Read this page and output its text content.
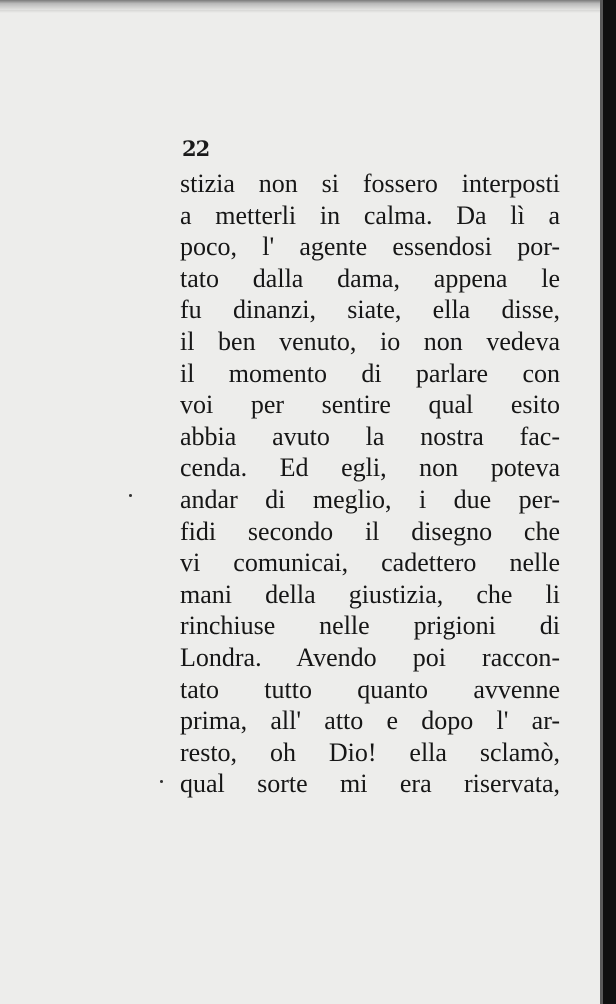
22
stizia non si fossero interposti
a metterli in calma. Da lì a
poco, l' agente essendosi por-
tato dalla dama, appena le
fu dinanzi, siate, ella disse,
il ben venuto, io non vedeva
il momento di parlare con
voi per sentire qual esito
abbia avuto la nostra fac-
cenda. Ed egli, non poteva
andar di meglio, i due per-
fidi secondo il disegno che
vi comunicai, cadettero nelle
mani della giustizia, che li
rinchiuse nelle prigioni di
Londra. Avendo poi raccon-
tato tutto quanto avvenne
prima, all' atto e dopo l' ar-
resto, oh Dio! ella sclamò,
qual sorte mi era riservata,
